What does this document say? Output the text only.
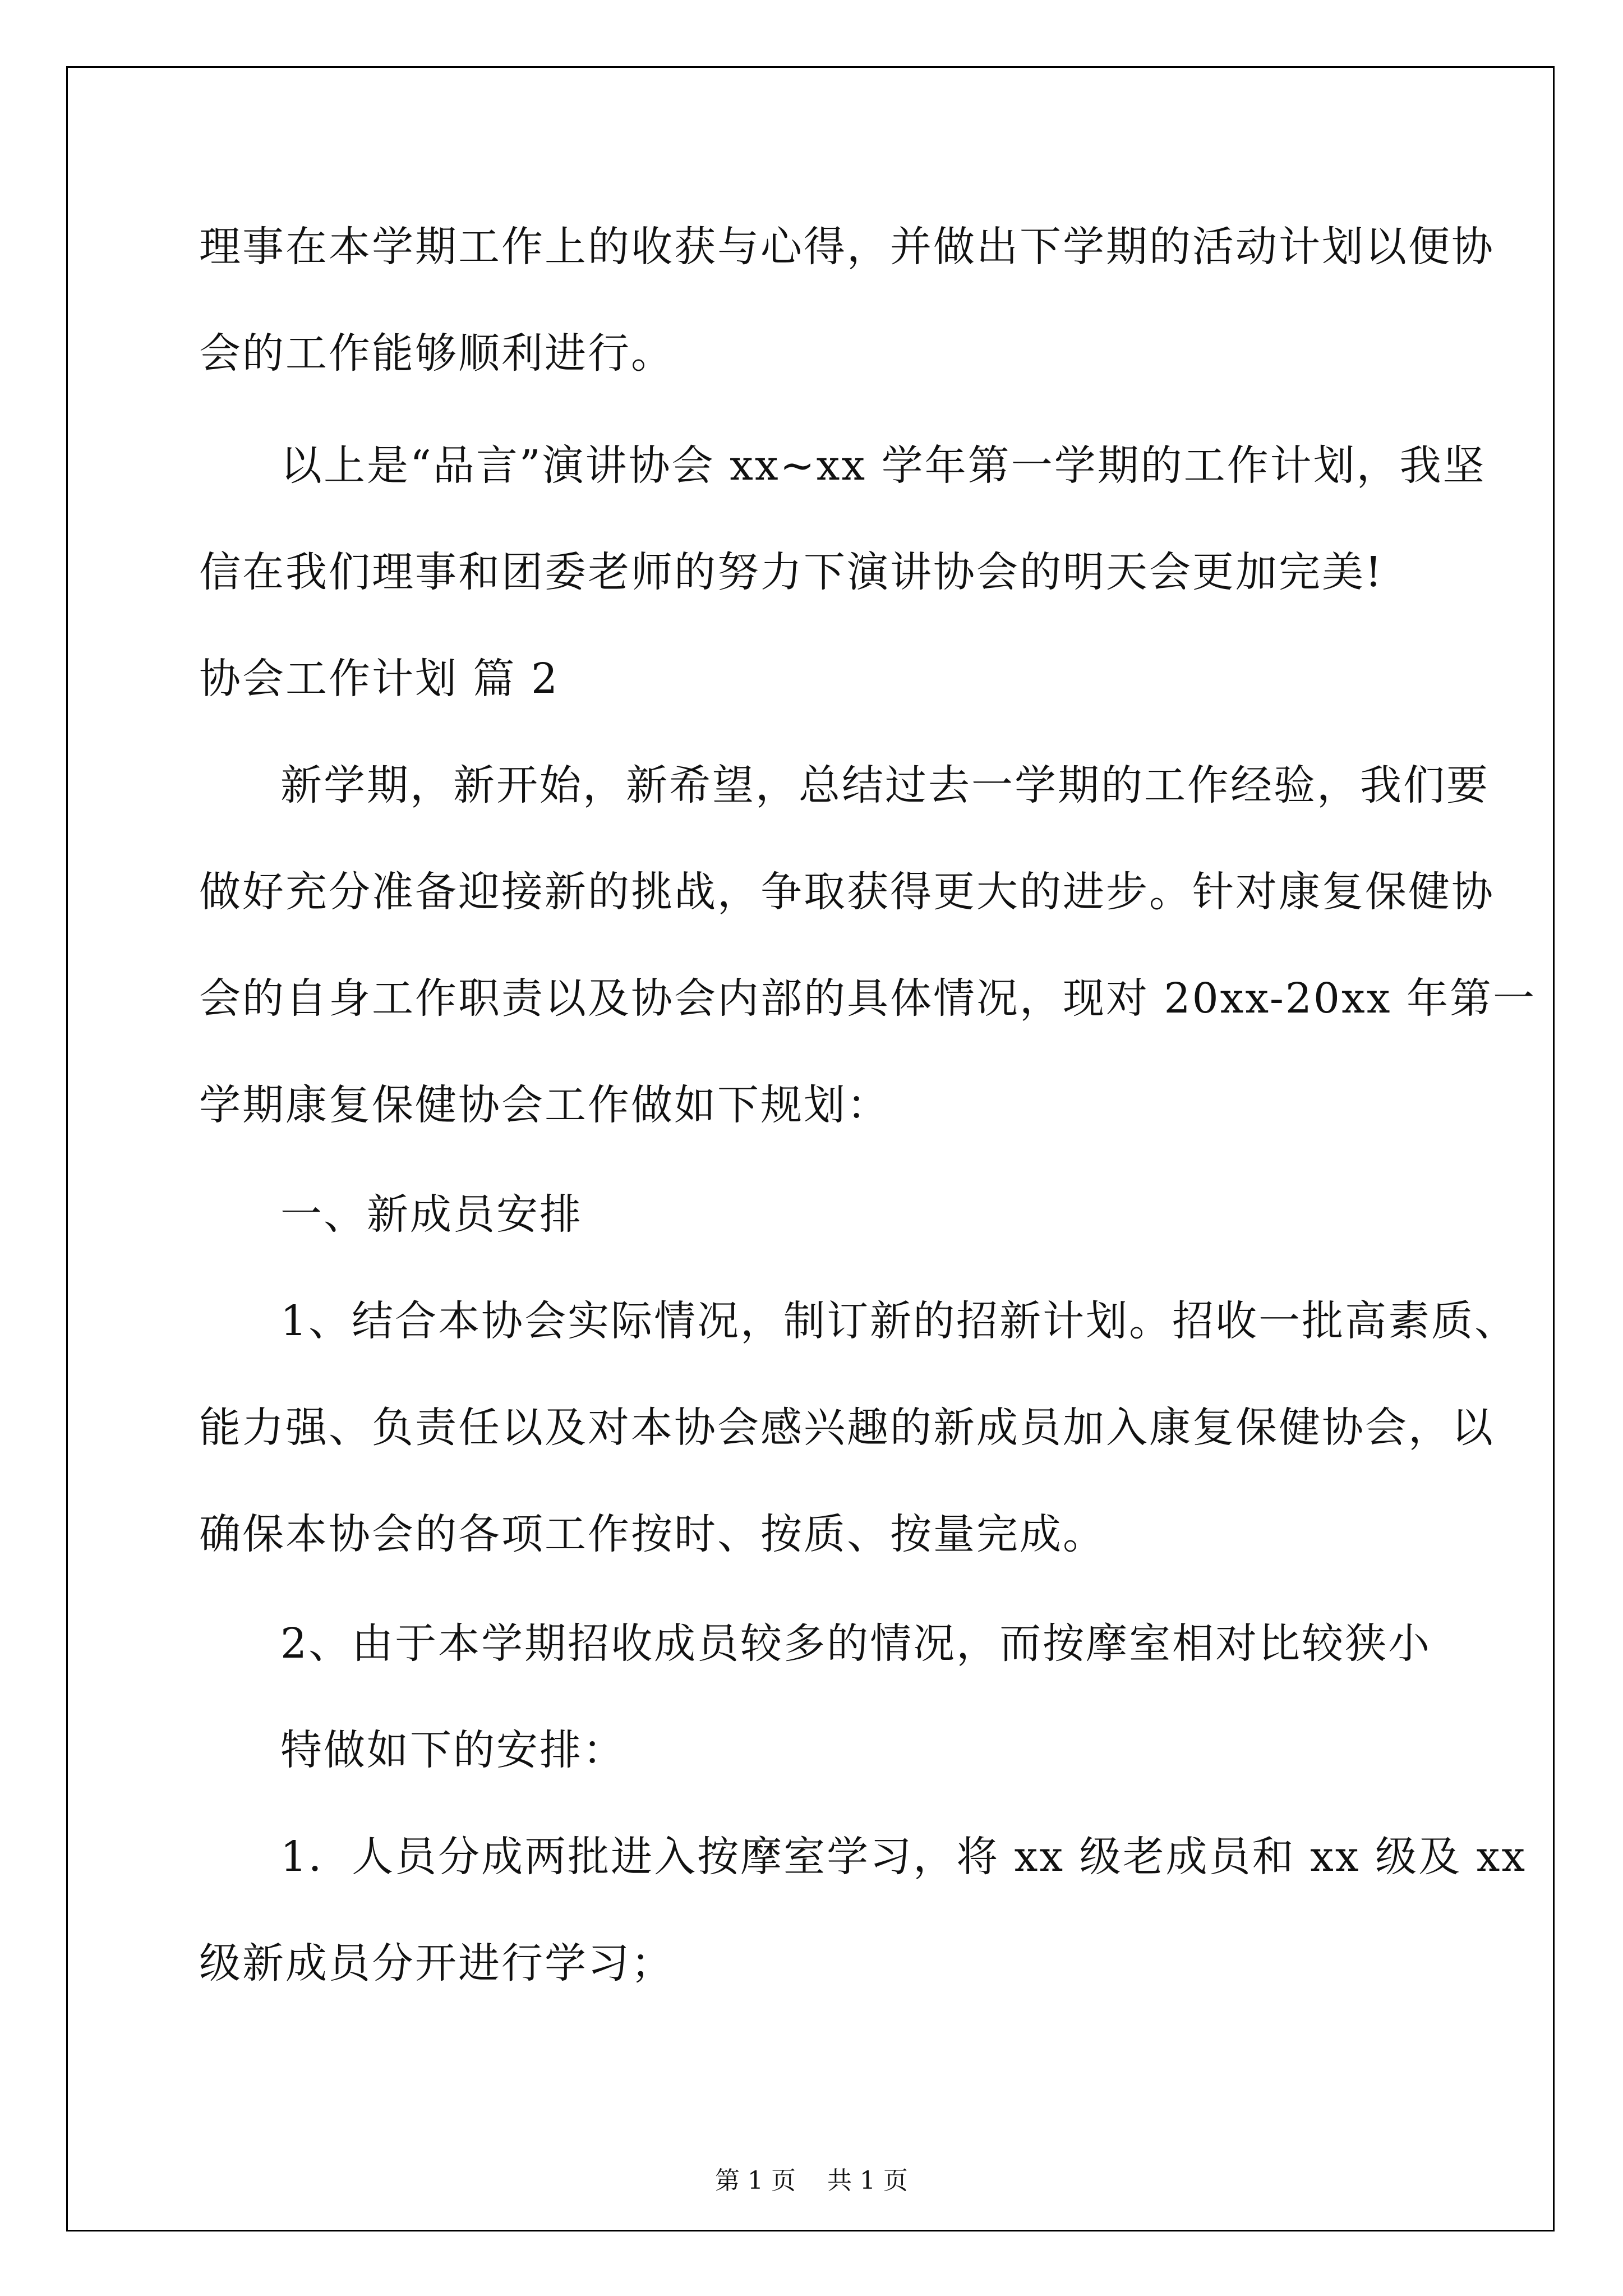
理事在本学期工作上的收获与心得，并做出下学期的活动计划以便协

会的工作能够顺利进行。

以上是“品言”演讲协会 xx~xx 学年第一学期的工作计划，我坚

信在我们理事和团委老师的努力下演讲协会的明天会更加完美!

协会工作计划 篇 2

新学期，新开始，新希望，总结过去一学期的工作经验，我们要

做好充分准备迎接新的挑战，争取获得更大的进步。针对康复保健协

会的自身工作职责以及协会内部的具体情况，现对 20xx-20xx 年第一

学期康复保健协会工作做如下规划：

一、新成员安排

1、结合本协会实际情况，制订新的招新计划。招收一批高素质、

能力强、负责任以及对本协会感兴趣的新成员加入康复保健协会，以

确保本协会的各项工作按时、按质、按量完成。

2、由于本学期招收成员较多的情况，而按摩室相对比较狭小

特做如下的安排：

1．人员分成两批进入按摩室学习，将 xx 级老成员和 xx 级及 xx

级新成员分开进行学习；

第 1 页    共 1 页
